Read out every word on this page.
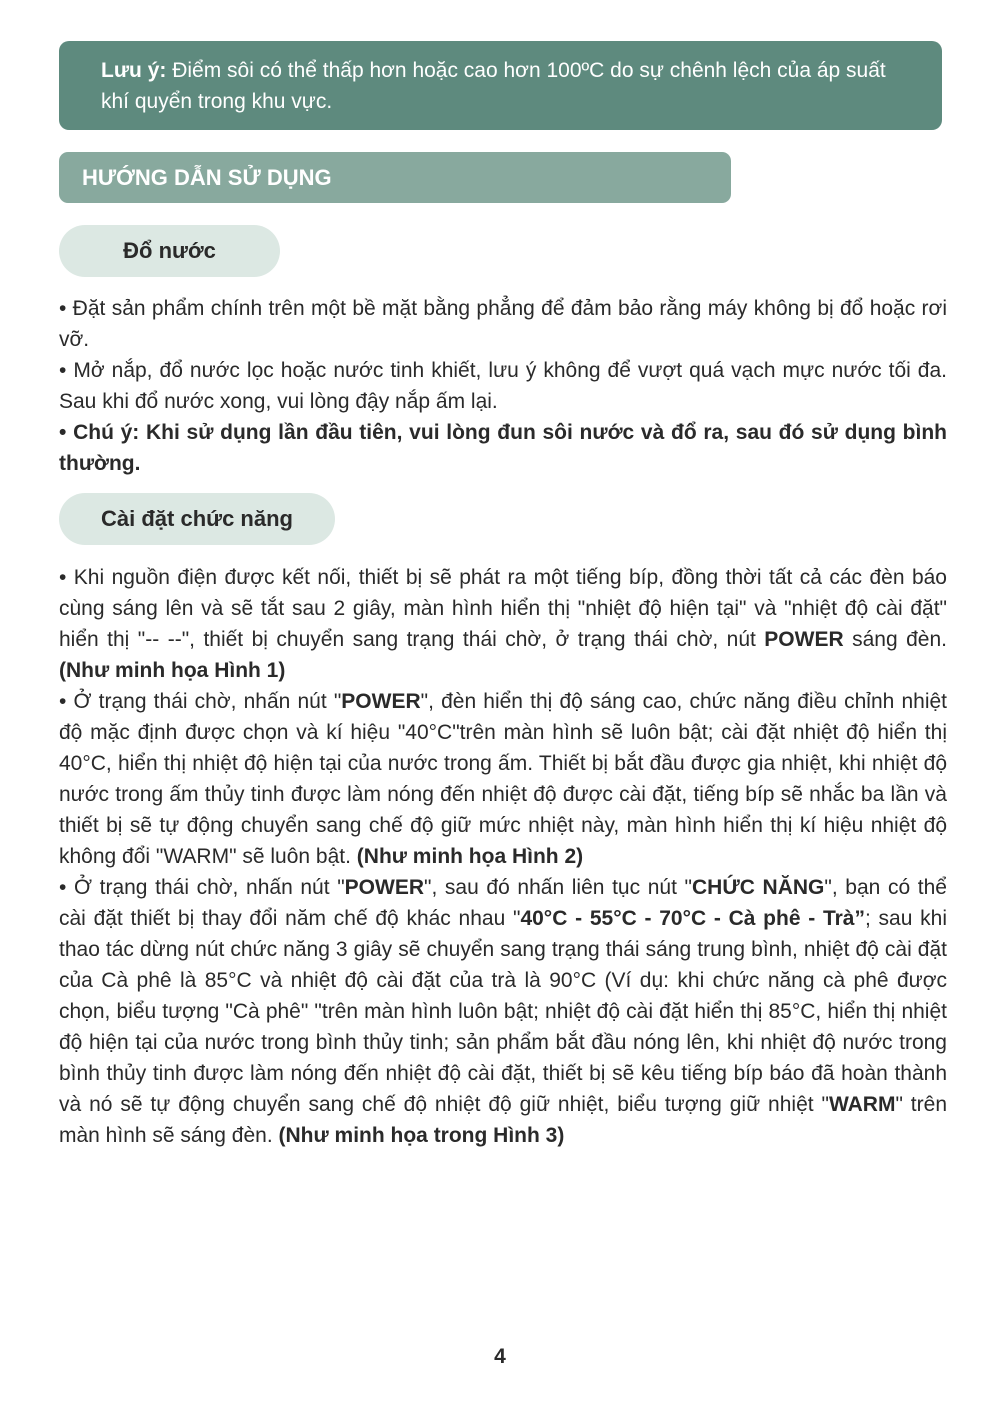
Lưu ý: Điểm sôi có thể thấp hơn hoặc cao hơn 100ºC do sự chênh lệch của áp suất khí quyển trong khu vực.
HƯỚNG DẪN SỬ DỤNG
Đổ nước

• Đặt sản phẩm chính trên một bề mặt bằng phẳng để đảm bảo rằng máy không bị đổ hoặc rơi vỡ.

• Mở nắp, đổ nước lọc hoặc nước tinh khiết, lưu ý không để vượt quá vạch mực nước tối đa. Sau khi đổ nước xong, vui lòng đậy nắp ấm lại.

• Chú ý: Khi sử dụng lần đầu tiên, vui lòng đun sôi nước và đổ ra, sau đó sử dụng bình thường.

Cài đặt chức năng

• Khi nguồn điện được kết nối, thiết bị sẽ phát ra một tiếng bíp, đồng thời tất cả các đèn báo cùng sáng lên và sẽ tắt sau 2 giây, màn hình hiển thị "nhiệt độ hiện tại" và "nhiệt độ cài đặt" hiển thị "-- --", thiết bị chuyển sang trạng thái chờ, ở trạng thái chờ, nút POWER sáng đèn. (Như minh họa Hình 1)

• Ở trạng thái chờ, nhấn nút "POWER", đèn hiển thị độ sáng cao, chức năng điều chỉnh nhiệt độ mặc định được chọn và kí hiệu "40°C"trên màn hình sẽ luôn bật; cài đặt nhiệt độ hiển thị 40°C, hiển thị nhiệt độ hiện tại của nước trong ấm. Thiết bị bắt đầu được gia nhiệt, khi nhiệt độ nước trong ấm thủy tinh được làm nóng đến nhiệt độ được cài đặt, tiếng bíp sẽ nhắc ba lần và thiết bị sẽ tự động chuyển sang chế độ giữ mức nhiệt này, màn hình hiển thị kí hiệu nhiệt độ không đổi "WARM" sẽ luôn bật. (Như minh họa Hình 2)

• Ở trạng thái chờ, nhấn nút "POWER", sau đó nhấn liên tục nút "CHỨC NĂNG", bạn có thể cài đặt thiết bị thay đổi năm chế độ khác nhau "40°C - 55°C - 70°C - Cà phê - Trà”; sau khi thao tác dừng nút chức năng 3 giây sẽ chuyển sang trạng thái sáng trung bình, nhiệt độ cài đặt của Cà phê là 85°C và nhiệt độ cài đặt của trà là 90°C (Ví dụ: khi chức năng cà phê được chọn, biểu tượng "Cà phê" "trên màn hình luôn bật; nhiệt độ cài đặt hiển thị 85°C, hiển thị nhiệt độ hiện tại của nước trong bình thủy tinh; sản phẩm bắt đầu nóng lên, khi nhiệt độ nước trong bình thủy tinh được làm nóng đến nhiệt độ cài đặt, thiết bị sẽ kêu tiếng bíp báo đã hoàn thành và nó sẽ tự động chuyển sang chế độ nhiệt độ giữ nhiệt, biểu tượng giữ nhiệt "WARM" trên màn hình sẽ sáng đèn. (Như minh họa trong Hình 3)

4
